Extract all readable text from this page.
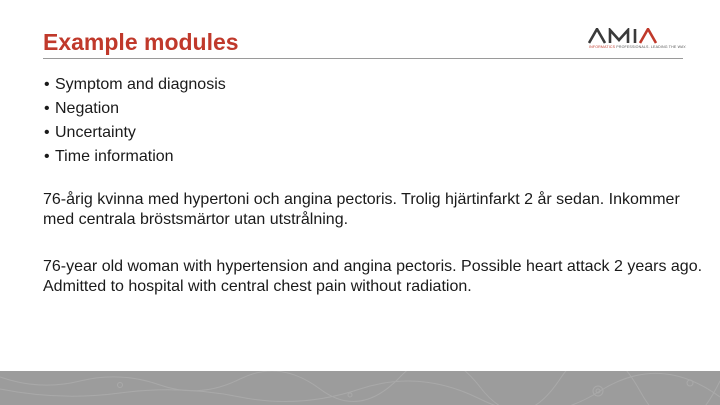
Example modules	INFORMATICS PROFESSIONALS. LEADING THE WAY.
• Symptom and diagnosis
• Negation
• Uncertainty
• Time information
76-årig kvinna med hypertoni och angina pectoris. Trolig hjärtinfarkt 2 år sedan. Inkommer med centrala bröstsmärtor utan utstrålning.
76-year old woman with hypertension and angina pectoris. Possible heart attack 2 years ago. Admitted to hospital with central chest pain without radiation.
7
